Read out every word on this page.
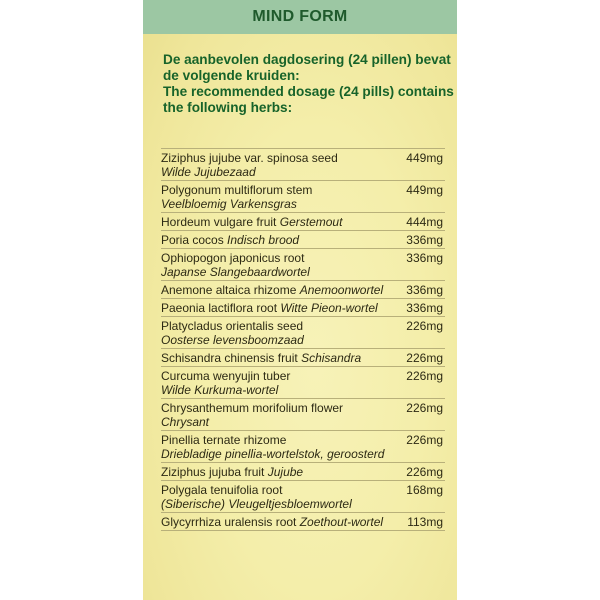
MIND FORM
De aanbevolen dagdosering (24 pillen) bevat
de volgende kruiden:
The recommended dosage (24 pills) contains
the following herbs:
Ziziphus jujube var. spinosa seed
Wilde Jujubezaad
449mg
Polygonum multiflorum stem
Veelbloemig Varkensgras
449mg
Hordeum vulgare fruit Gerstemout	444mg
Poria cocos Indisch brood	336mg
Ophiopogon japonicus root
Japanse Slangebaardwortel
336mg
Anemone altaica rhizome Anemoonwortel 336mg
Paeonia lactiflora root Witte Pieon-wortel 336mg
Platycladus orientalis seed
Oosterse levensboomzaad
226mg
Schisandra chinensis fruit Schisandra	226mg
Curcuma wenyujin tuber
Wilde Kurkuma-wortel
226mg
Chrysanthemum morifolium flower
Chrysant
226mg
Pinellia ternate rhizome
Driebladige pinellia-wortelstok, geroosterd
226mg
Ziziphus jujuba fruit Jujube	226mg
Polygala tenuifolia root
(Siberische) Vleugeltjesbloemwortel
168mg
Glycyrrhiza uralensis root Zoethout-wortel 113mg
